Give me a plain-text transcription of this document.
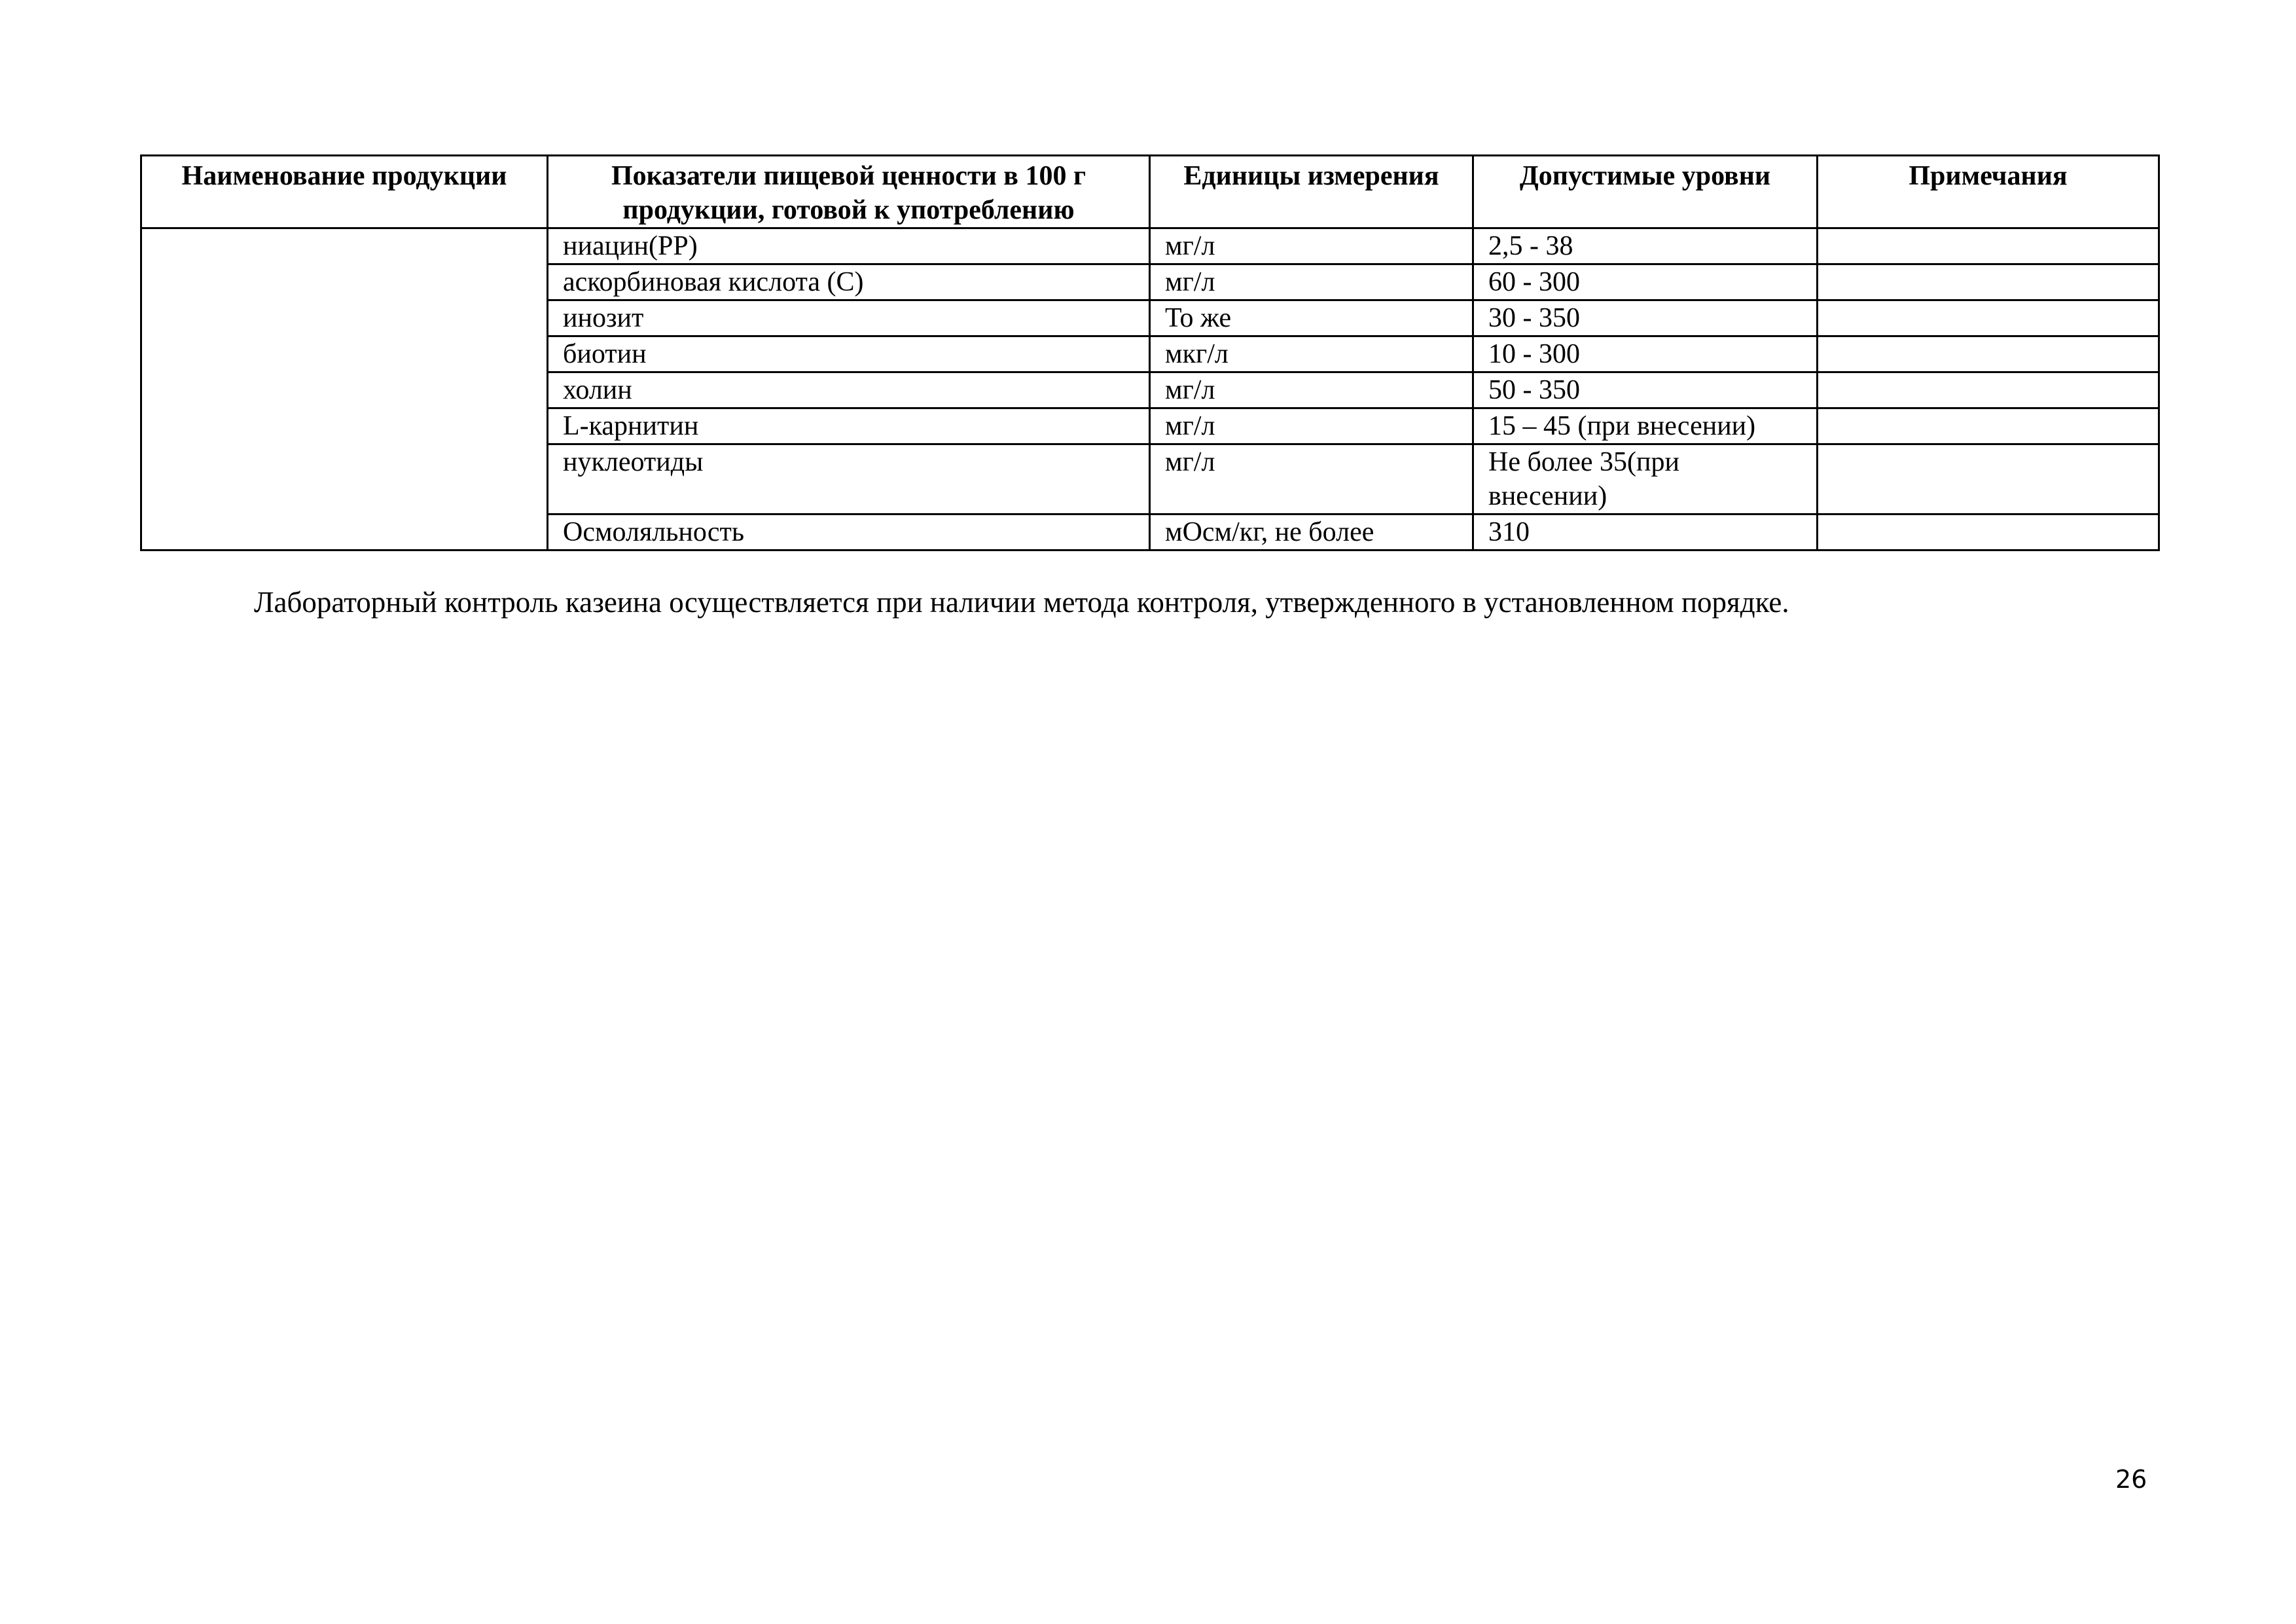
Наименование продукции	Показатели пищевой ценности в 100 г продукции, готовой к употреблению	Единицы измерения	Допустимые уровни	Примечания
	ниацин(PP)	мг/л	2,5 - 38	
	аскорбиновая кислота (C)	мг/л	60 - 300	
	инозит	То же	30 - 350	
	биотин	мкг/л	10 - 300	
	холин	мг/л	50 - 350	
	L-карнитин	мг/л	15 – 45 (при внесении)	
	нуклеотиды	мг/л	Не более 35(при внесении)	
	Осмоляльность	мОсм/кг, не более	310	
Лабораторный контроль казеина осуществляется при наличии метода контроля, утвержденного в установленном порядке.
26
